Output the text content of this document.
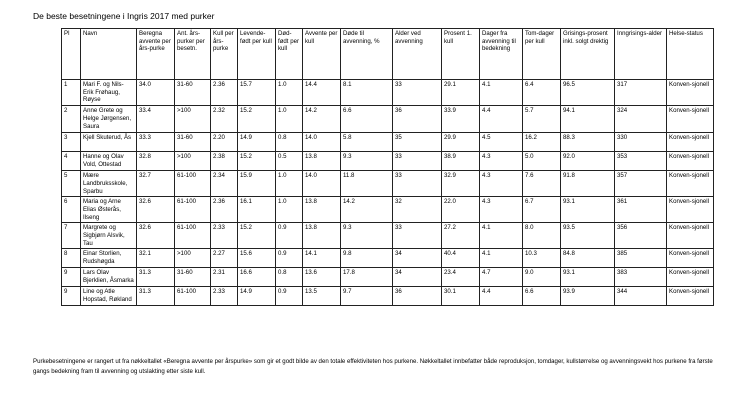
De beste besetningene i Ingris 2017 med purker
Pl	Navn	Beregna avvente per års-purke	Ant. års-purker per besetn.	Kull per års-purke	Levende-født per kull	Død-født per kull	Avvente per kull	Døde til avvenning, %	Alder ved avvenning	Prosent 1. kull	Dager fra avvenning til bedekning	Tom-dager per kull	Grisings-prosent inkl. solgt drektig	Inngrisings-alder	Helse-status
1	Mari F. og Nils-Erik Frøhaug, Røyse	34.0	31-60	2.36	15.7	1.0	14.4	8.1	33	29.1	4.1	6.4	96.5	317	Konven-sjonell
2	Anne Grete og Helge Jørgensen, Saura	33.4	>100	2.32	15.2	1.0	14.2	6.6	36	33.9	4.4	5.7	94.1	324	Konven-sjonell
3	Kjell Skuterud, Ås	33.3	31-60	2.20	14.9	0.8	14.0	5.8	35	29.9	4.5	16.2	88.3	330	Konven-sjonell
4	Hanne og Olav Vold, Ottestad	32.8	>100	2.38	15.2	0.5	13.8	9.3	33	38.9	4.3	5.0	92.0	353	Konven-sjonell
5	Mære Landbruksskole, Sparbu	32.7	61-100	2.34	15.9	1.0	14.0	11.8	33	32.9	4.3	7.6	91.8	357	Konven-sjonell
6	Maria og Arne Elias Østerås, Ilseng	32.6	61-100	2.36	16.1	1.0	13.8	14.2	32	22.0	4.3	6.7	93.1	361	Konven-sjonell
7	Margrete og Sigbjørn Alsvik, Tau	32.6	61-100	2.33	15.2	0.9	13.8	9.3	33	27.2	4.1	8.0	93.5	356	Konven-sjonell
8	Einar Storlien, Rudshøgda	32.1	>100	2.27	15.6	0.9	14.1	9.8	34	40.4	4.1	10.3	84.8	385	Konven-sjonell
9	Lars Olav Bjerklien, Åsmarka	31.3	31-60	2.31	16.6	0.8	13.6	17.8	34	23.4	4.7	9.0	93.1	383	Konven-sjonell
9	Line og Atle Hopstad, Røkland	31.3	61-100	2.33	14.9	0.9	13.5	9.7	36	30.1	4.4	6.6	93.9	344	Konven-sjonell
Purkebesetningene er rangert ut fra nøkkeltallet «Beregna avvente per årspurke» som gir et godt bilde av den totale effektiviteten hos purkene. Nøkkeltallet innbefatter både reproduksjon, tomdager, kullstørrelse og avvenningsvekt hos purkene fra første gangs bedekning fram til avvenning og utslakting etter siste kull.
